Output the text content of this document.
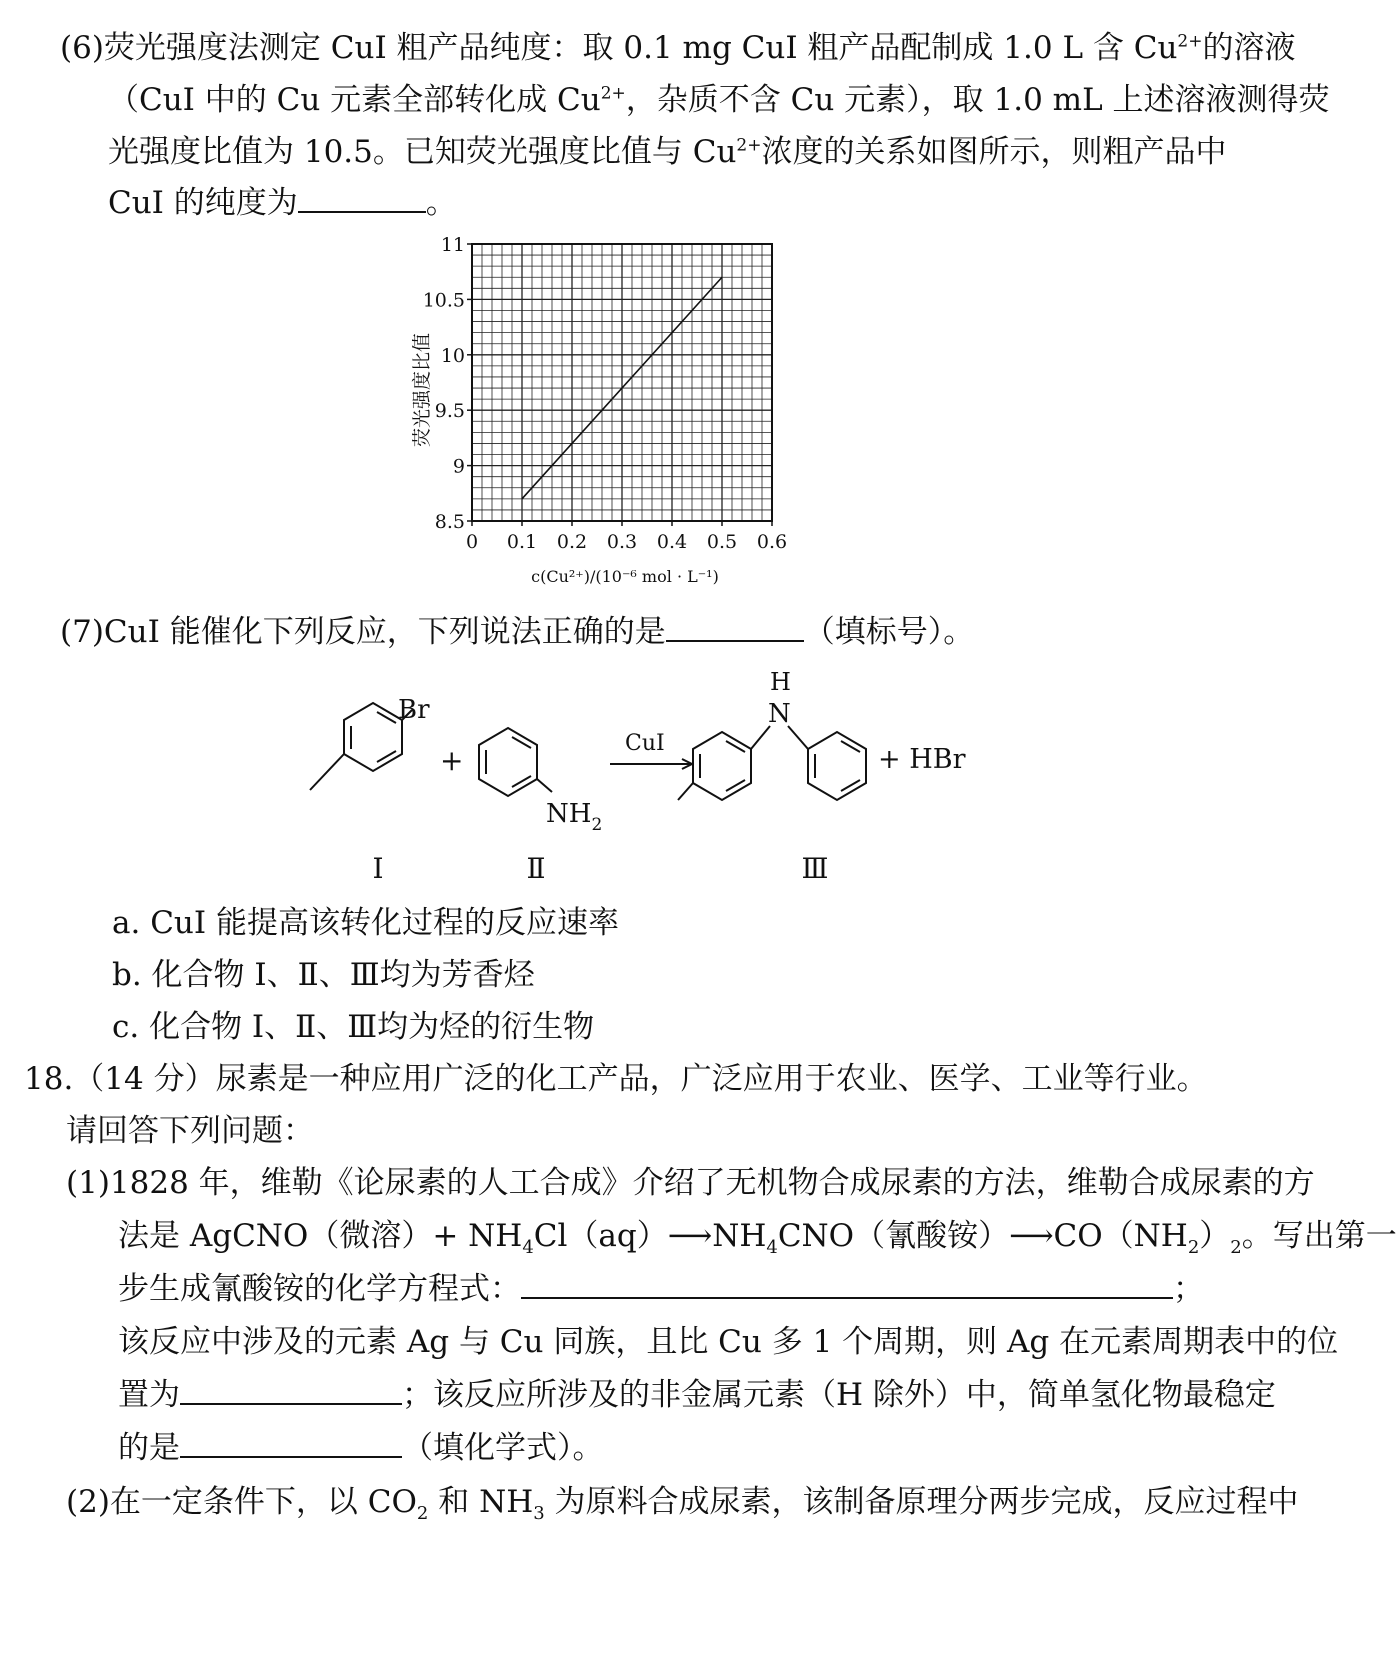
(6)荧光强度法测定 CuI 粗产品纯度：取 0.1 mg CuI 粗产品配制成 1.0 L 含 $Cu^{2+}$的溶液
（CuI 中的 Cu 元素全部转化成 $Cu^{2+}$，杂质不含 Cu 元素），取 1.0 mL 上述溶液测得荧
光强度比值为 10.5。已知荧光强度比值与 $Cu^{2+}$浓度的关系如图所示，则粗产品中
CuI 的纯度为	。
0 0.1 0.2 0.3 0.4 0.5 0.6
8.5
9
9.5
10
10.5
11
荧光强度比值
c(Cu²⁺)/(10⁻⁶ mol · L⁻¹)
(7)CuI 能催化下列反应，下列说法正确的是	（填标号）。
Br
+
$NH_2$
CuI
H
N
+ HBr
Ⅰ	Ⅱ	Ⅲ
a. CuI 能提高该转化过程的反应速率
b. 化合物 Ⅰ、Ⅱ、Ⅲ均为芳香烃
c. 化合物 Ⅰ、Ⅱ、Ⅲ均为烃的衍生物
18.（14 分）尿素是一种应用广泛的化工产品，广泛应用于农业、医学、工业等行业。
请回答下列问题：
(1)1828 年，维勒《论尿素的人工合成》介绍了无机物合成尿素的方法，维勒合成尿素的方
法是 AgCNO（微溶）+ $NH_4Cl(aq)⟶NH_4CNO$（氰酸铵）$⟶CO(NH_2)_2$。写出第一
步生成氰酸铵的化学方程式：	；
该反应中涉及的元素 Ag 与 Cu 同族，且比 Cu 多 1 个周期，则 Ag 在元素周期表中的位
置为	；该反应所涉及的非金属元素（H 除外）中，简单氢化物最稳定
的是	（填化学式）。
(2)在一定条件下，以 $CO_2$ 和 $NH_3$ 为原料合成尿素，该制备原理分两步完成，反应过程中
